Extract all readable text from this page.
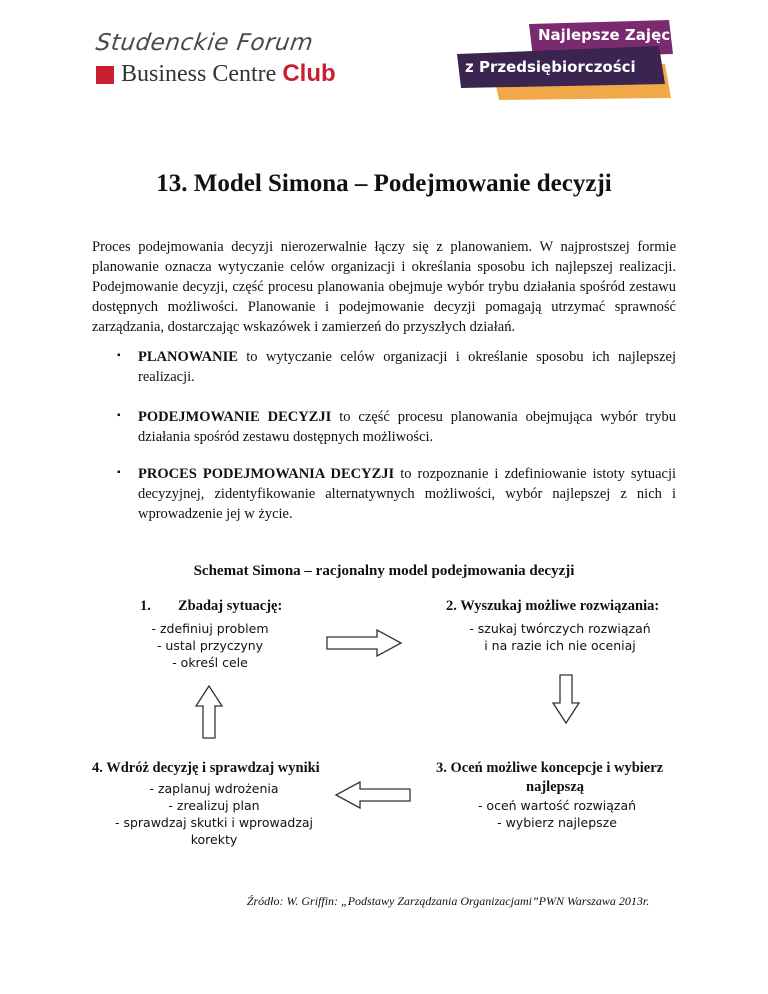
Studenckie Forum
Business Centre Club
Najlepsze Zajęcia
z Przedsiębiorczości
13. Model Simona – Podejmowanie decyzji
Proces podejmowania decyzji nierozerwalnie łączy się z planowaniem. W najprostszej formie planowanie oznacza wytyczanie celów organizacji i określania sposobu ich najlepszej realizacji. Podejmowanie decyzji, część procesu planowania obejmuje wybór trybu działania spośród zestawu dostępnych możliwości. Planowanie i podejmowanie decyzji pomagają utrzymać sprawność zarządzania, dostarczając wskazówek i zamierzeń do przyszłych działań.
▪ PLANOWANIE to wytyczanie celów organizacji i określanie sposobu ich najlepszej realizacji.
▪ PODEJMOWANIE DECYZJI to część procesu planowania obejmująca wybór trybu działania spośród zestawu dostępnych możliwości.
▪ PROCES PODEJMOWANIA DECYZJI to rozpoznanie i zdefiniowanie istoty sytuacji decyzyjnej, zidentyfikowanie alternatywnych możliwości, wybór najlepszej z nich i wprowadzenie jej w życie.
Schemat Simona – racjonalny model podejmowania decyzji
1. Zbadaj sytuację:
- zdefiniuj problem
- ustal przyczyny
- określ cele
2. Wyszukaj możliwe rozwiązania:
- szukaj twórczych rozwiązań
i na razie ich nie oceniaj
4. Wdróż decyzję i sprawdzaj wyniki
- zaplanuj wdrożenia
- zrealizuj plan
- sprawdzaj skutki i wprowadzaj
korekty
3. Oceń możliwe koncepcje i wybierz
najlepszą
- oceń wartość rozwiązań
- wybierz najlepsze
Źródło: W. Griffin: „Podstawy Zarządzania Organizacjami”PWN Warszawa 2013r.
